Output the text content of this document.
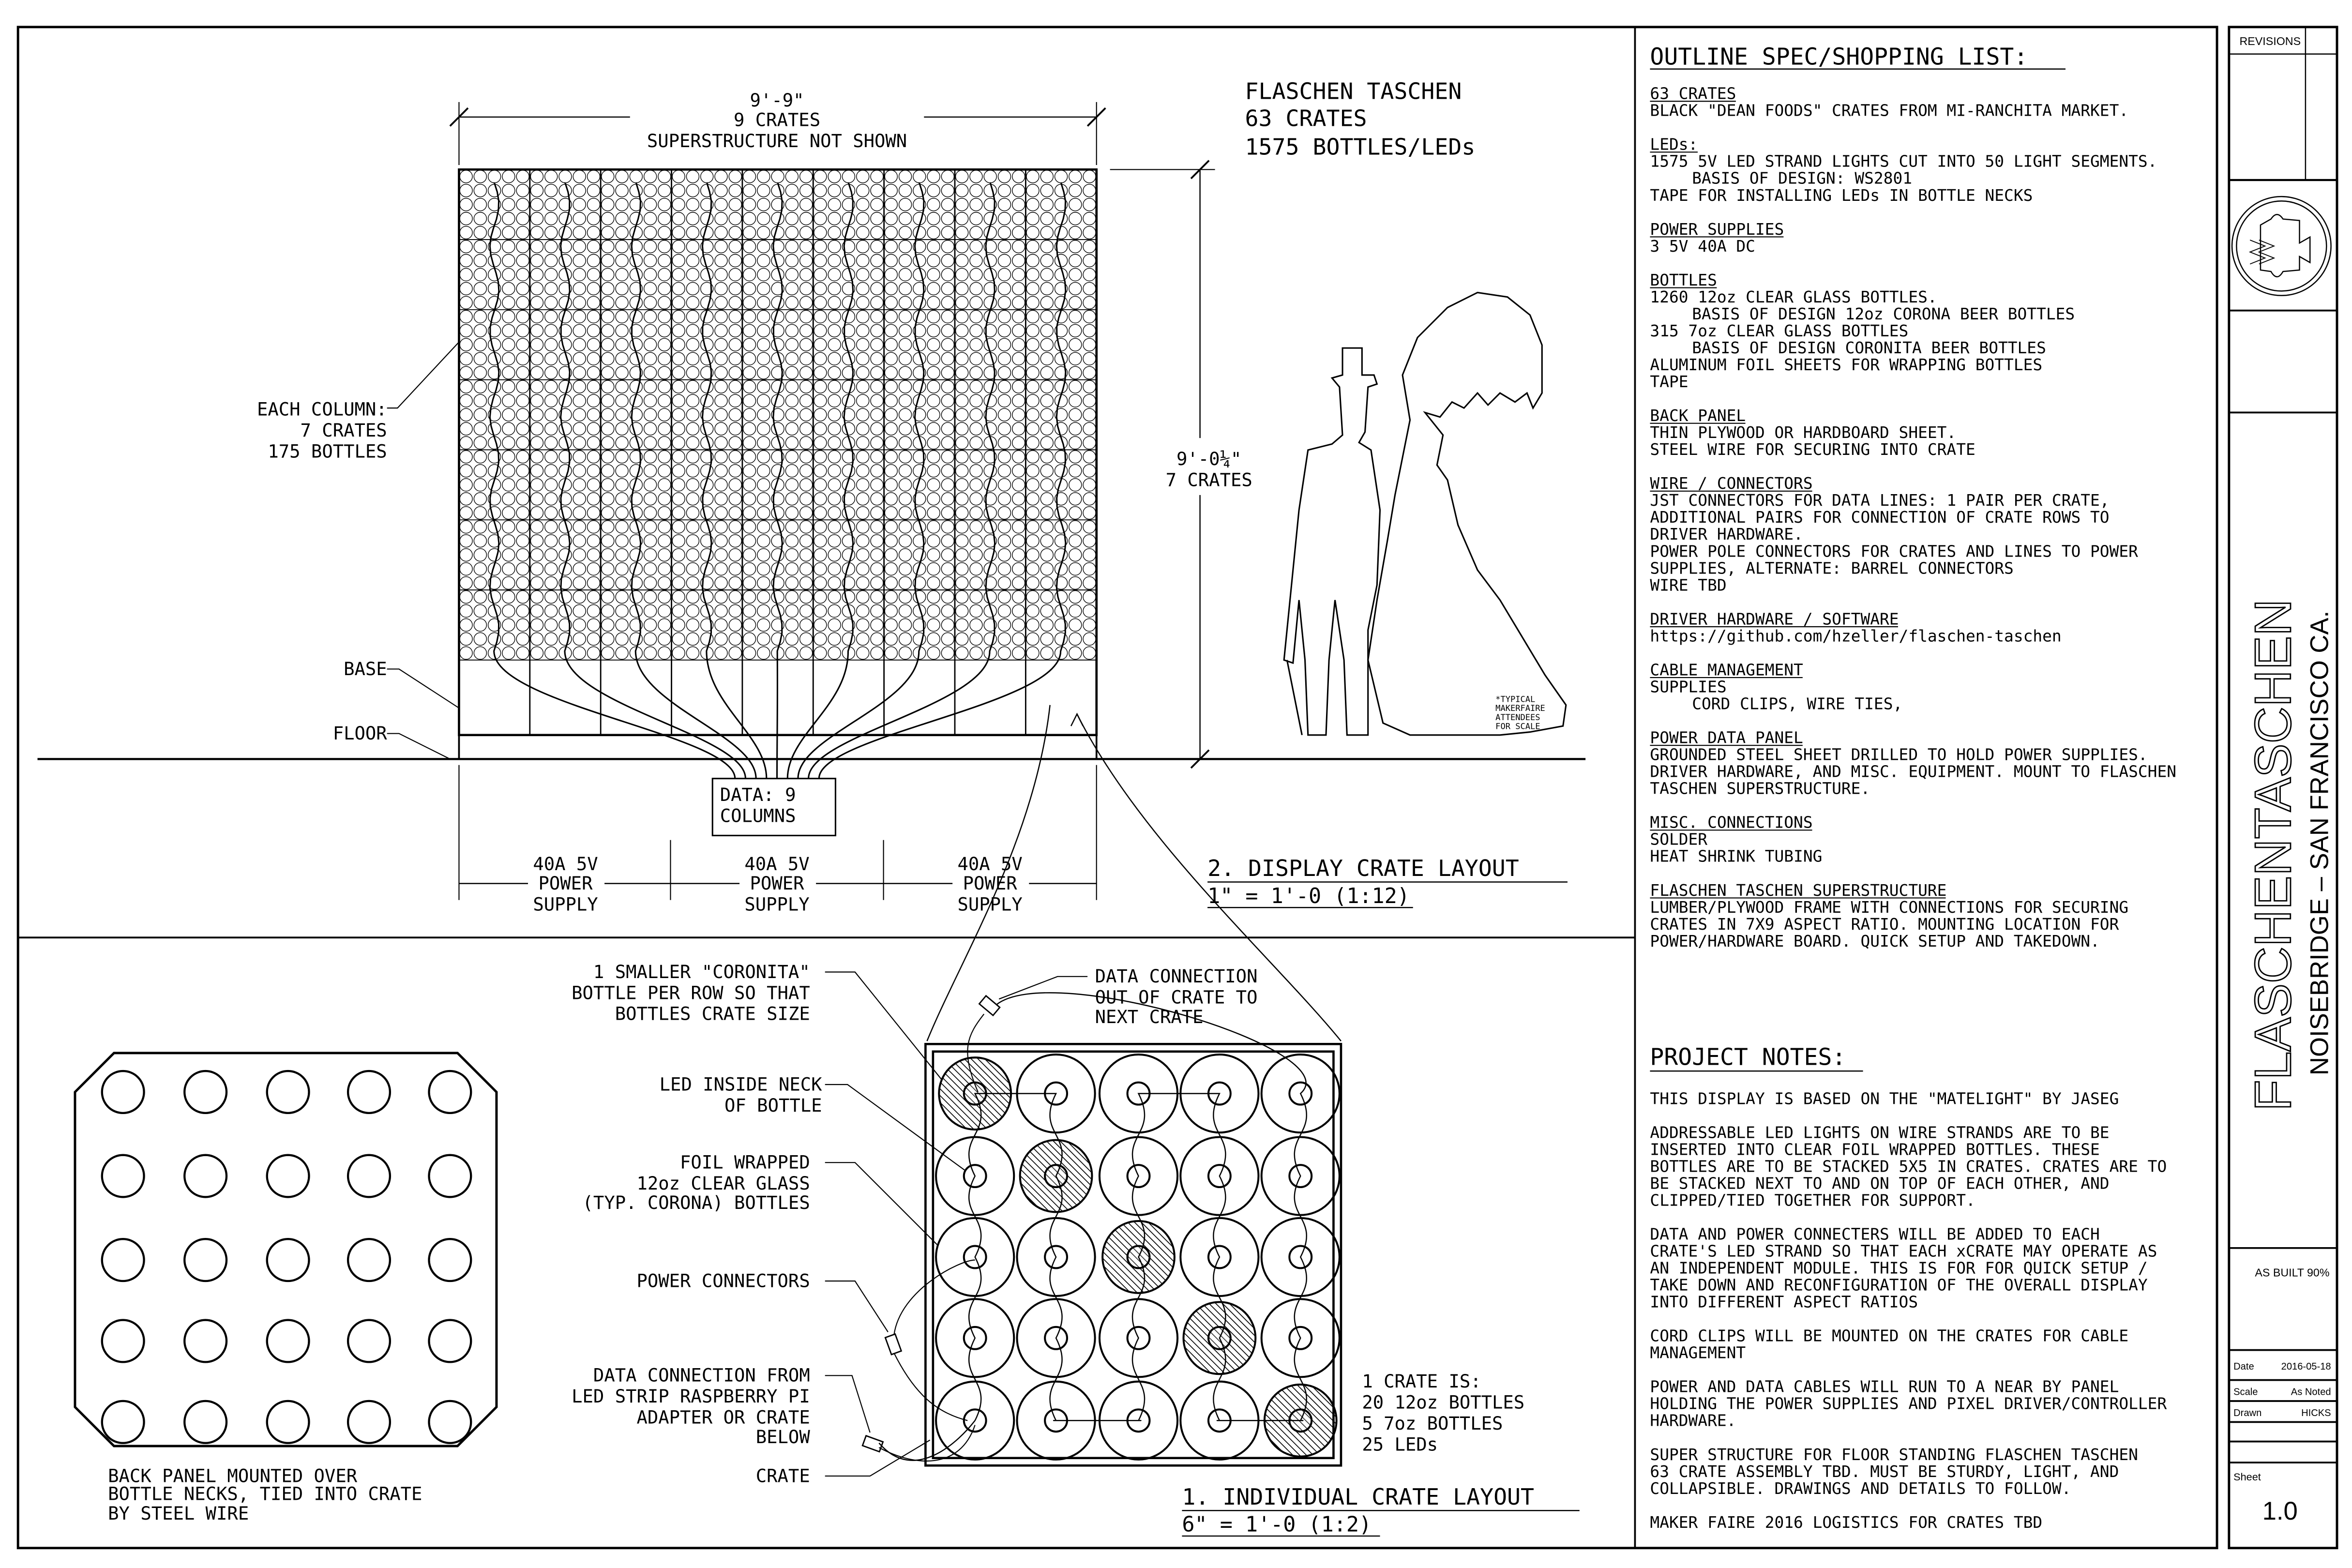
9'-9"
9 CRATES
SUPERSTRUCTURE NOT SHOWN
9'-0¼"
7 CRATES
FLASCHEN TASCHEN
63 CRATES
1575 BOTTLES/LEDs
EACH COLUMN:
7 CRATES
175 BOTTLES
BASE
FLOOR
DATA: 9
COLUMNS
40A 5V
POWER
SUPPLY
40A 5V
POWER
SUPPLY
40A 5V
POWER
SUPPLY
*TYPICAL
MAKERFAIRE
ATTENDEES
FOR SCALE
2. DISPLAY CRATE LAYOUT
1" = 1'-0 (1:12)
BACK PANEL MOUNTED OVER
BOTTLE NECKS, TIED INTO CRATE
BY STEEL WIRE
1 SMALLER "CORONITA"
BOTTLE PER ROW SO THAT
BOTTLES CRATE SIZE
LED INSIDE NECK
OF BOTTLE
FOIL WRAPPED
12oz CLEAR GLASS
(TYP. CORONA) BOTTLES
POWER CONNECTORS
DATA CONNECTION FROM
LED STRIP RASPBERRY PI
ADAPTER OR CRATE
BELOW
CRATE
DATA CONNECTION
OUT OF CRATE TO
NEXT CRATE
1 CRATE IS:
20 12oz BOTTLES
5 7oz BOTTLES
25 LEDs
1. INDIVIDUAL CRATE LAYOUT
6" = 1'-0 (1:2)
OUTLINE SPEC/SHOPPING LIST:
63 CRATES
BLACK "DEAN FOODS" CRATES FROM MI-RANCHITA MARKET.
LEDs:
1575 5V LED STRAND LIGHTS CUT INTO 50 LIGHT SEGMENTS.
BASIS OF DESIGN: WS2801
TAPE FOR INSTALLING LEDs IN BOTTLE NECKS
POWER SUPPLIES
3 5V 40A DC
BOTTLES
1260 12oz CLEAR GLASS BOTTLES.
BASIS OF DESIGN 12oz CORONA BEER BOTTLES
315 7oz CLEAR GLASS BOTTLES
BASIS OF DESIGN CORONITA BEER BOTTLES
ALUMINUM FOIL SHEETS FOR WRAPPING BOTTLES
TAPE
BACK PANEL
THIN PLYWOOD OR HARDBOARD SHEET.
STEEL WIRE FOR SECURING INTO CRATE
WIRE / CONNECTORS
JST CONNECTORS FOR DATA LINES: 1 PAIR PER CRATE,
ADDITIONAL PAIRS FOR CONNECTION OF CRATE ROWS TO
DRIVER HARDWARE.
POWER POLE CONNECTORS FOR CRATES AND LINES TO POWER
SUPPLIES, ALTERNATE: BARREL CONNECTORS
WIRE TBD
DRIVER HARDWARE / SOFTWARE
https://github.com/hzeller/flaschen-taschen
CABLE MANAGEMENT
SUPPLIES
CORD CLIPS, WIRE TIES,
POWER DATA PANEL
GROUNDED STEEL SHEET DRILLED TO HOLD POWER SUPPLIES.
DRIVER HARDWARE, AND MISC. EQUIPMENT. MOUNT TO FLASCHEN
TASCHEN SUPERSTRUCTURE.
MISC. CONNECTIONS
SOLDER
HEAT SHRINK TUBING
FLASCHEN TASCHEN SUPERSTRUCTURE
LUMBER/PLYWOOD FRAME WITH CONNECTIONS FOR SECURING
CRATES IN 7X9 ASPECT RATIO. MOUNTING LOCATION FOR
POWER/HARDWARE BOARD. QUICK SETUP AND TAKEDOWN.
PROJECT NOTES:
THIS DISPLAY IS BASED ON THE "MATELIGHT" BY JASEG
ADDRESSABLE LED LIGHTS ON WIRE STRANDS ARE TO BE
INSERTED INTO CLEAR FOIL WRAPPED BOTTLES. THESE
BOTTLES ARE TO BE STACKED 5X5 IN CRATES. CRATES ARE TO
BE STACKED NEXT TO AND ON TOP OF EACH OTHER, AND
CLIPPED/TIED TOGETHER FOR SUPPORT.
DATA AND POWER CONNECTERS WILL BE ADDED TO EACH
CRATE'S LED STRAND SO THAT EACH xCRATE MAY OPERATE AS
AN INDEPENDENT MODULE. THIS IS FOR FOR QUICK SETUP /
TAKE DOWN AND RECONFIGURATION OF THE OVERALL DISPLAY
INTO DIFFERENT ASPECT RATIOS
CORD CLIPS WILL BE MOUNTED ON THE CRATES FOR CABLE
MANAGEMENT
POWER AND DATA CABLES WILL RUN TO A NEAR BY PANEL
HOLDING THE POWER SUPPLIES AND PIXEL DRIVER/CONTROLLER
HARDWARE.
SUPER STRUCTURE FOR FLOOR STANDING FLASCHEN TASCHEN
63 CRATE ASSEMBLY TBD. MUST BE STURDY, LIGHT, AND
COLLAPSIBLE. DRAWINGS AND DETAILS TO FOLLOW.
MAKER FAIRE 2016 LOGISTICS FOR CRATES TBD
REVISIONS
FLASCHENTASCHEN NOISEBRIDGE – SAN FRANCISCO CA.
AS BUILT 90%
Date	2016-05-18
Scale	As Noted
Drawn	HICKS
Sheet
1.0
